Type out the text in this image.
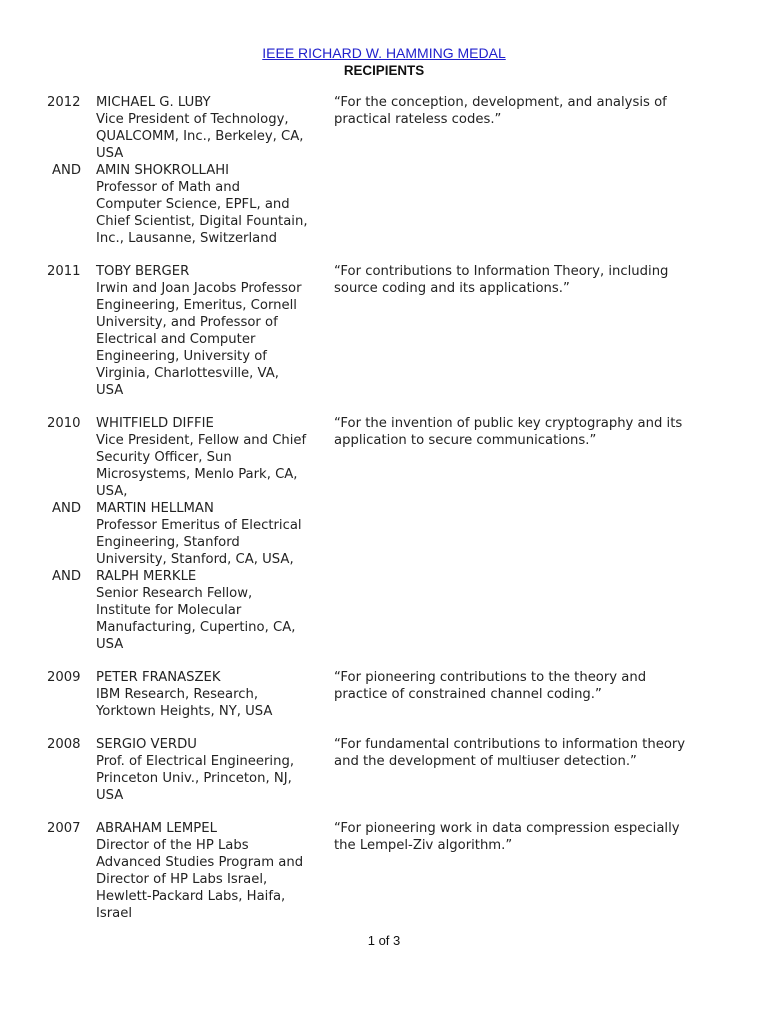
IEEE RICHARD W. HAMMING MEDAL
RECIPIENTS
2012 MICHAEL G. LUBY
Vice President of Technology,
QUALCOMM, Inc., Berkeley, CA,
USA
AND AMIN SHOKROLLAHI
Professor of Math and
Computer Science, EPFL, and
Chief Scientist, Digital Fountain,
Inc., Lausanne, Switzerland
“For the conception, development, and analysis of
practical rateless codes.”
2011 TOBY BERGER
Irwin and Joan Jacobs Professor
Engineering, Emeritus, Cornell
University, and Professor of
Electrical and Computer
Engineering, University of
Virginia, Charlottesville, VA,
USA
“For contributions to Information Theory, including
source coding and its applications.”
2010 WHITFIELD DIFFIE
Vice President, Fellow and Chief
Security Officer, Sun
Microsystems, Menlo Park, CA,
USA,
AND MARTIN HELLMAN
Professor Emeritus of Electrical
Engineering, Stanford
University, Stanford, CA, USA,
AND RALPH MERKLE
Senior Research Fellow,
Institute for Molecular
Manufacturing, Cupertino, CA,
USA
“For the invention of public key cryptography and its
application to secure communications.”
2009 PETER FRANASZEK
IBM Research, Research,
Yorktown Heights, NY, USA
“For pioneering contributions to the theory and
practice of constrained channel coding.”
2008 SERGIO VERDU
Prof. of Electrical Engineering,
Princeton Univ., Princeton, NJ,
USA
“For fundamental contributions to information theory
and the development of multiuser detection.”
2007 ABRAHAM LEMPEL
Director of the HP Labs
Advanced Studies Program and
Director of HP Labs Israel,
Hewlett-Packard Labs, Haifa,
Israel
“For pioneering work in data compression especially
the Lempel-Ziv algorithm.”
1 of 3
